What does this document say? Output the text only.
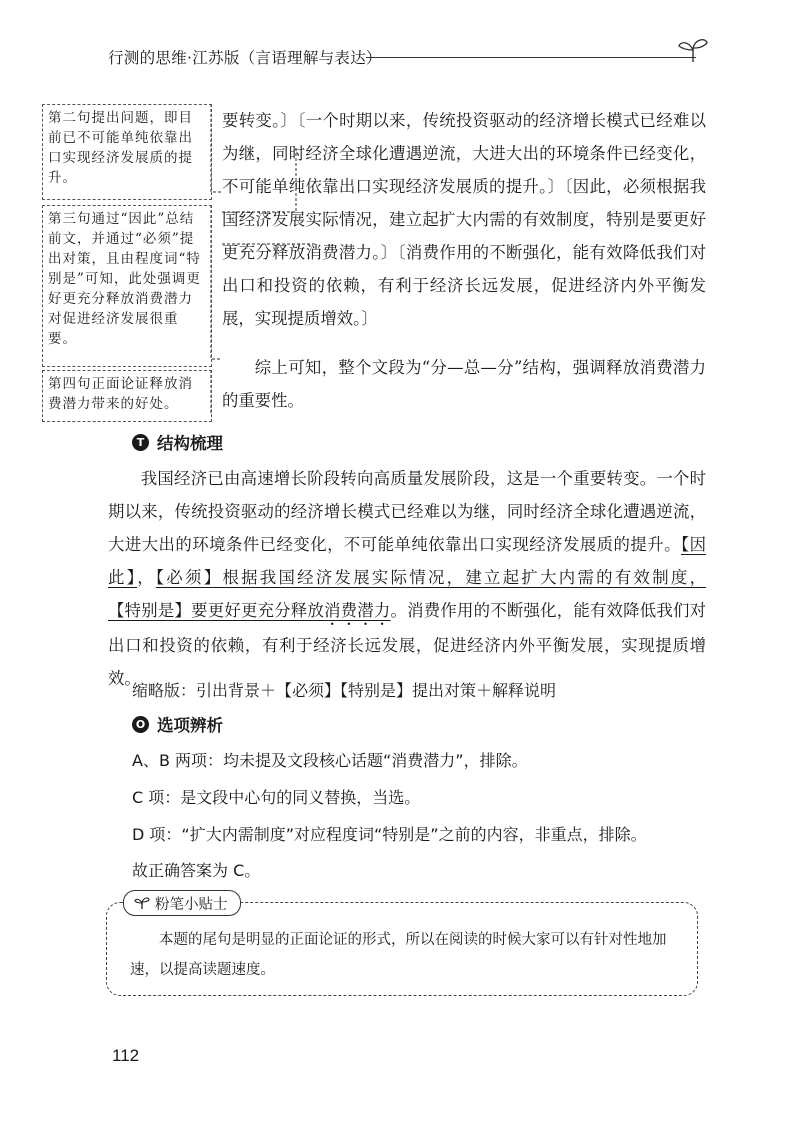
行测的思维·江苏版（言语理解与表达）
第二句提出问题，即目前已不可能单纯依靠出口实现经济发展质的提升。
第三句通过“因此”总结前文，并通过“必须”提出对策，且由程度词“特别是”可知，此处强调更好更充分释放消费潜力对促进经济发展很重要。
第四句正面论证释放消费潜力带来的好处。
要转变。〕〔一个时期以来，传统投资驱动的经济增长模式已经难以为继，同时经济全球化遭遇逆流，大进大出的环境条件已经变化，不可能单纯依靠出口实现经济发展质的提升。〕〔因此，必须根据我国经济发展实际情况，建立起扩大内需的有效制度，特别是要更好更充分释放消费潜力。〕〔消费作用的不断强化，能有效降低我们对出口和投资的依赖，有利于经济长远发展，促进经济内外平衡发展，实现提质增效。〕
综上可知，整个文段为“分—总—分”结构，强调释放消费潜力的重要性。
T 结构梳理
我国经济已由高速增长阶段转向高质量发展阶段，这是一个重要转变。一个时期以来，传统投资驱动的经济增长模式已经难以为继，同时经济全球化遭遇逆流，大进大出的环境条件已经变化，不可能单纯依靠出口实现经济发展质的提升。【因此】，【必须】根据我国经济发展实际情况，建立起扩大内需的有效制度，【特别是】要更好更充分释放消费潜力。消费作用的不断强化，能有效降低我们对出口和投资的依赖，有利于经济长远发展，促进经济内外平衡发展，实现提质增效。
缩略版：引出背景＋【必须】【特别是】提出对策＋解释说明
O 选项辨析
A、B 两项：均未提及文段核心话题“消费潜力”，排除。
C 项：是文段中心句的同义替换，当选。
D 项：“扩大内需制度”对应程度词“特别是”之前的内容，非重点，排除。
故正确答案为 C。
粉笔小贴士
本题的尾句是明显的正面论证的形式，所以在阅读的时候大家可以有针对性地加速，以提高读题速度。
112
